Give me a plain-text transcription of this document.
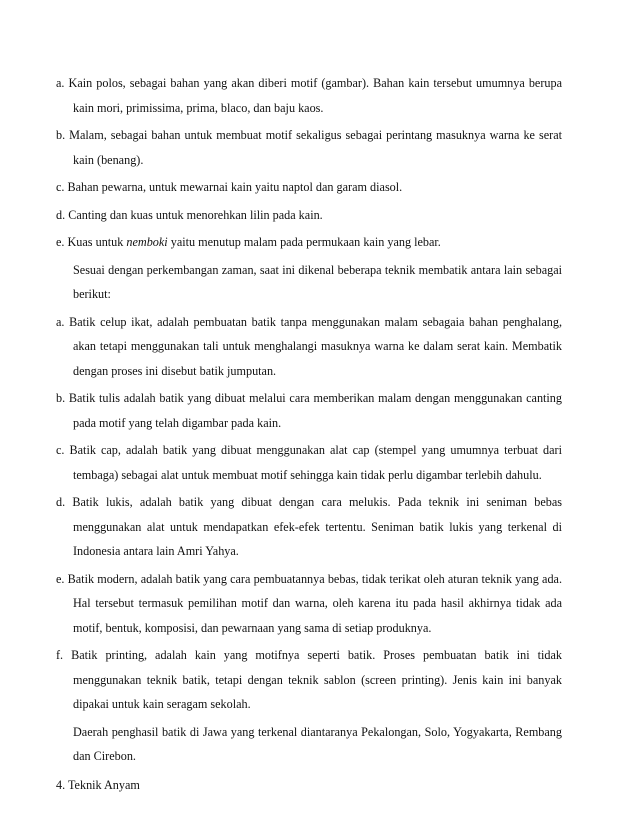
a. Kain polos, sebagai bahan yang akan diberi motif (gambar). Bahan kain tersebut umumnya berupa kain mori, primissima, prima, blaco, dan baju kaos.

b. Malam, sebagai bahan untuk membuat motif sekaligus sebagai perintang masuknya warna ke serat kain (benang).

c. Bahan pewarna, untuk mewarnai kain yaitu naptol dan garam diasol.

d. Canting dan kuas untuk menorehkan lilin pada kain.

e. Kuas untuk nemboki yaitu menutup malam pada permukaan kain yang lebar.

Sesuai dengan perkembangan zaman, saat ini dikenal beberapa teknik membatik antara lain sebagai berikut:

a. Batik celup ikat, adalah pembuatan batik tanpa menggunakan malam sebagaia bahan penghalang, akan tetapi menggunakan tali untuk menghalangi masuknya warna ke dalam serat kain. Membatik dengan proses ini disebut batik jumputan.

b. Batik tulis adalah batik yang dibuat melalui cara memberikan malam dengan menggunakan canting pada motif yang telah digambar pada kain.

c. Batik cap, adalah batik yang dibuat menggunakan alat cap (stempel yang umumnya terbuat dari tembaga) sebagai alat untuk membuat motif sehingga kain tidak perlu digambar terlebih dahulu.

d. Batik lukis, adalah batik yang dibuat dengan cara melukis. Pada teknik ini seniman bebas menggunakan alat untuk mendapatkan efek-efek tertentu. Seniman batik lukis yang terkenal di Indonesia antara lain Amri Yahya.

e. Batik modern, adalah batik yang cara pembuatannya bebas, tidak terikat oleh aturan teknik yang ada. Hal tersebut termasuk pemilihan motif dan warna, oleh karena itu pada hasil akhirnya tidak ada motif, bentuk, komposisi, dan pewarnaan yang sama di setiap produknya.

f. Batik printing, adalah kain yang motifnya seperti batik. Proses pembuatan batik ini tidak menggunakan teknik batik, tetapi dengan teknik sablon (screen printing). Jenis kain ini banyak dipakai untuk kain seragam sekolah.

Daerah penghasil batik di Jawa yang terkenal diantaranya Pekalongan, Solo, Yogyakarta, Rembang dan Cirebon.

4. Teknik Anyam
